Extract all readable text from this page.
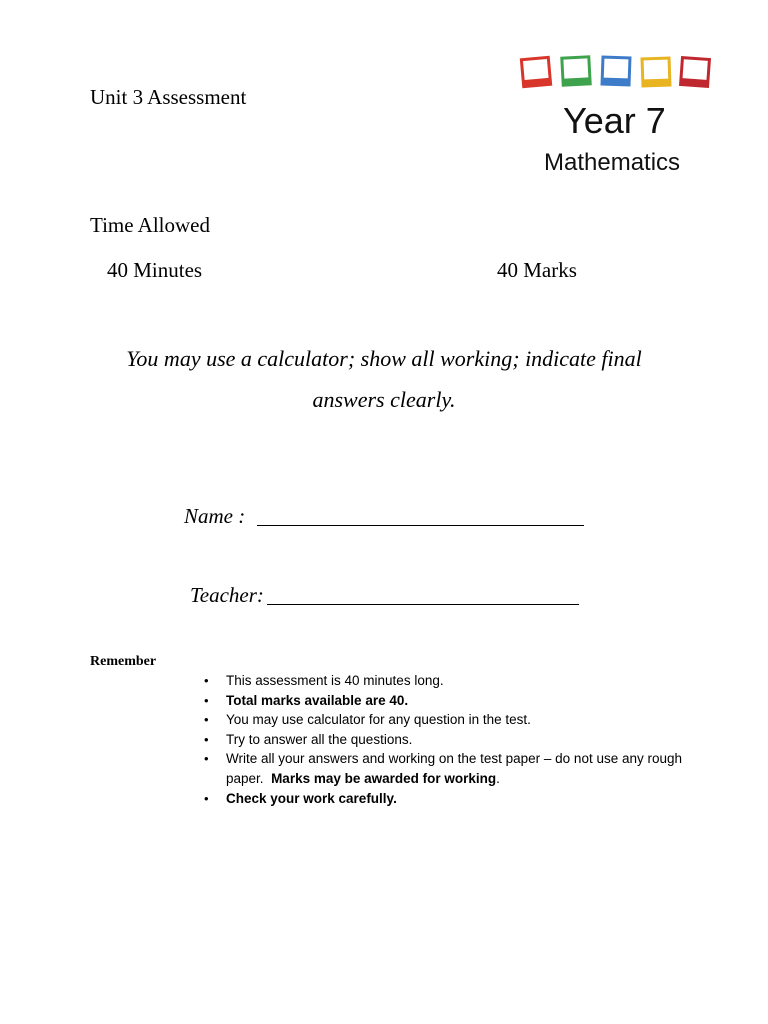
Year 7
Mathematics
Unit 3 Assessment
Time Allowed
40 Minutes	40 Marks
You may use a calculator; show all working; indicate final answers clearly.
Name :
Teacher:
Remember
• This assessment is 40 minutes long.
• Total marks available are 40.
• You may use calculator for any question in the test.
• Try to answer all the questions.
• Write all your answers and working on the test paper – do not use any rough paper. Marks may be awarded for working.
• Check your work carefully.
